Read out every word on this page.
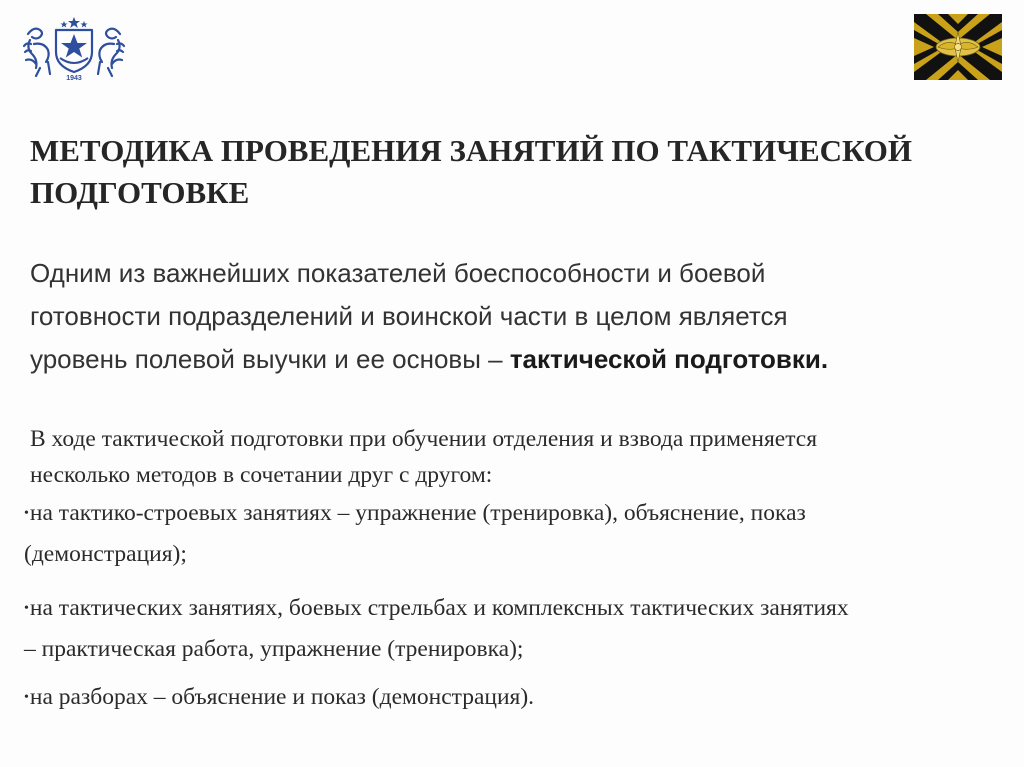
1943
МЕТОДИКА ПРОВЕДЕНИЯ ЗАНЯТИЙ ПО ТАКТИЧЕСКОЙ
ПОДГОТОВКЕ
Одним из важнейших показателей боеспособности и боевой
готовности подразделений и воинской части в целом является
уровень полевой выучки и ее основы – тактической подготовки.
В ходе тактической подготовки при обучении отделения и взвода применяется
несколько методов в сочетании друг с другом:
•на тактико-строевых занятиях – упражнение (тренировка), объяснение, показ
(демонстрация);
•на тактических занятиях, боевых стрельбах и комплексных тактических занятиях
– практическая работа, упражнение (тренировка);
•на разборах – объяснение и показ (демонстрация).
